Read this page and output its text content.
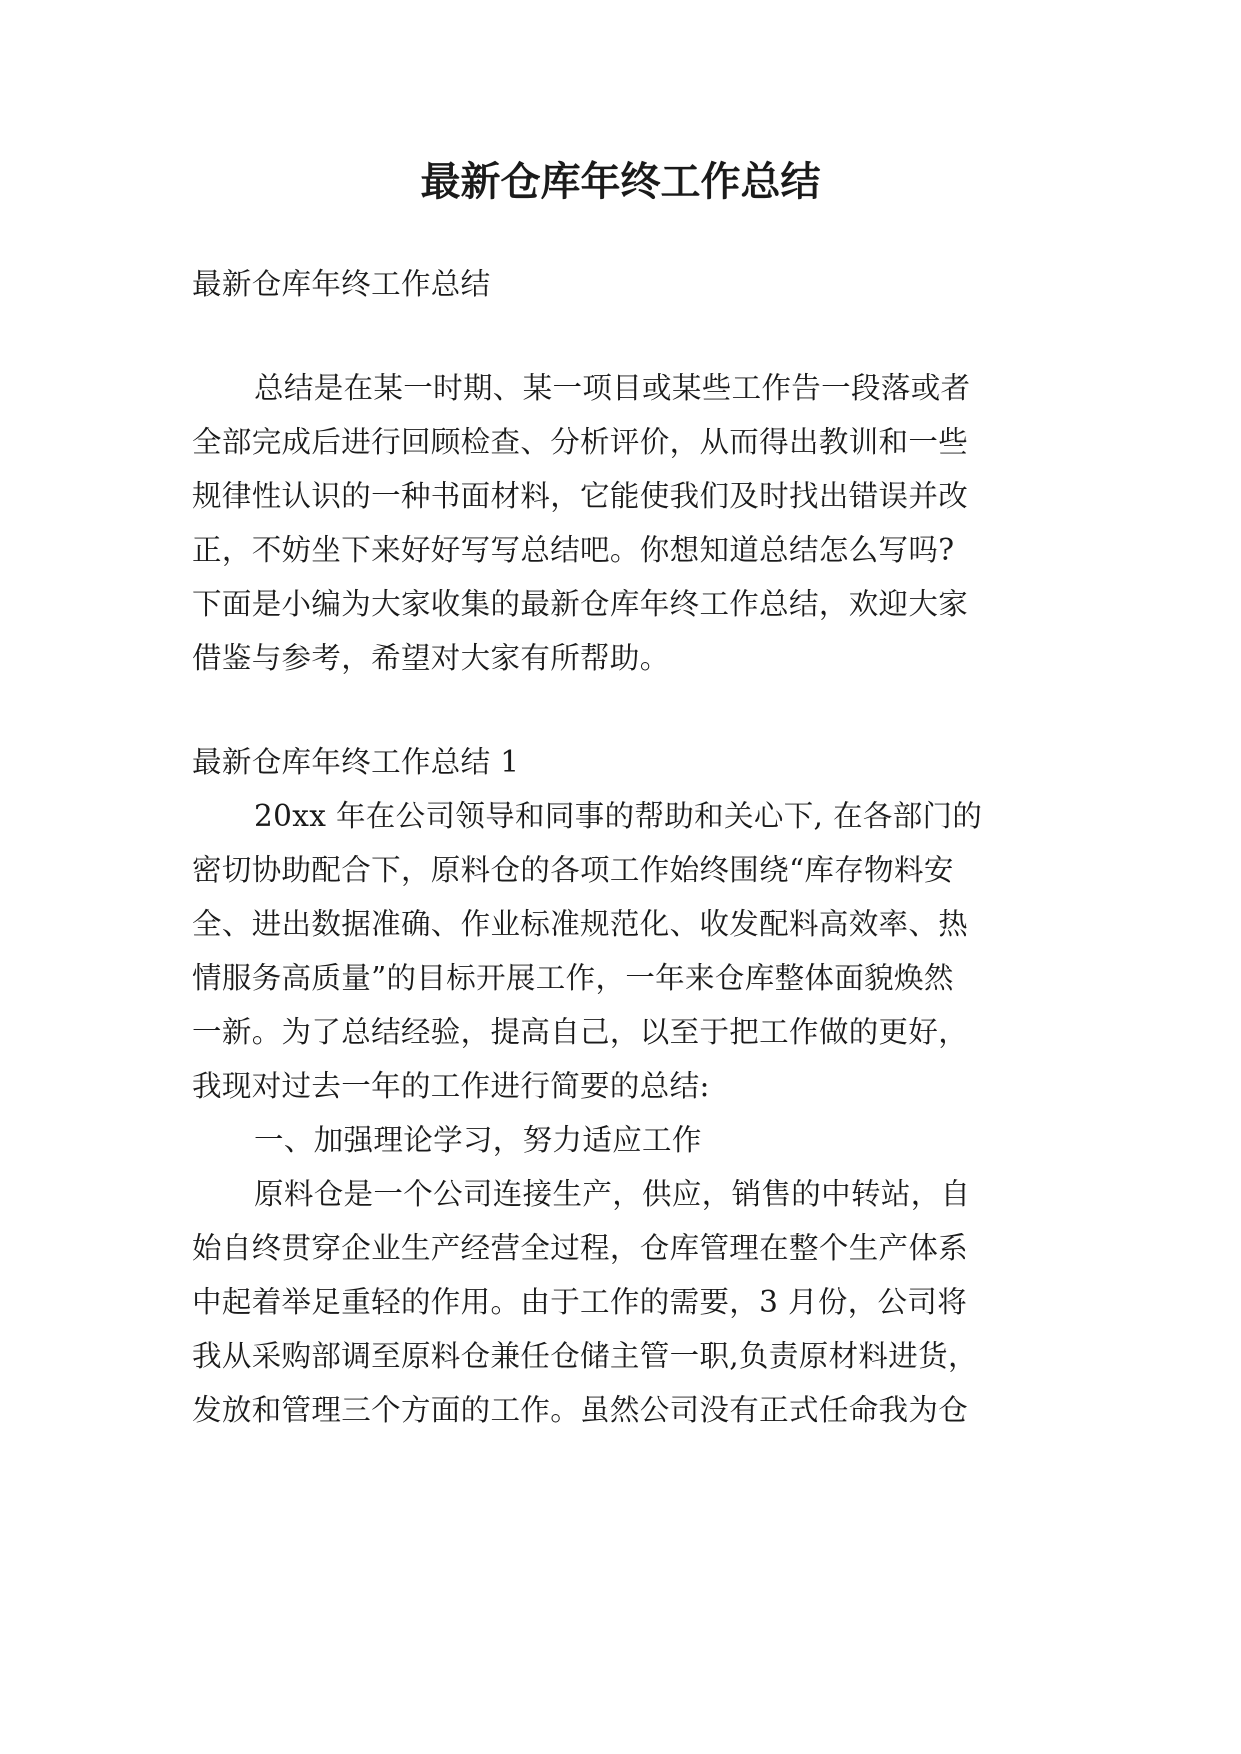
最新仓库年终工作总结

最新仓库年终工作总结

总结是在某一时期、某一项目或某些工作告一段落或者

全部完成后进行回顾检查、分析评价，从而得出教训和一些

规律性认识的一种书面材料，它能使我们及时找出错误并改

正，不妨坐下来好好写写总结吧。你想知道总结怎么写吗?

下面是小编为大家收集的最新仓库年终工作总结，欢迎大家

借鉴与参考，希望对大家有所帮助。

最新仓库年终工作总结 1

20xx 年在公司领导和同事的帮助和关心下, 在各部门的

密切协助配合下，原料仓的各项工作始终围绕“库存物料安

全、进出数据准确、作业标准规范化、收发配料高效率、热

情服务高质量”的目标开展工作，一年来仓库整体面貌焕然

一新。为了总结经验，提高自己，以至于把工作做的更好，

我现对过去一年的工作进行简要的总结:

一、加强理论学习，努力适应工作

原料仓是一个公司连接生产，供应，销售的中转站，自

始自终贯穿企业生产经营全过程，仓库管理在整个生产体系

中起着举足重轻的作用。由于工作的需要，3 月份，公司将

我从采购部调至原料仓兼任仓储主管一职,负责原材料进货，

发放和管理三个方面的工作。虽然公司没有正式任命我为仓
